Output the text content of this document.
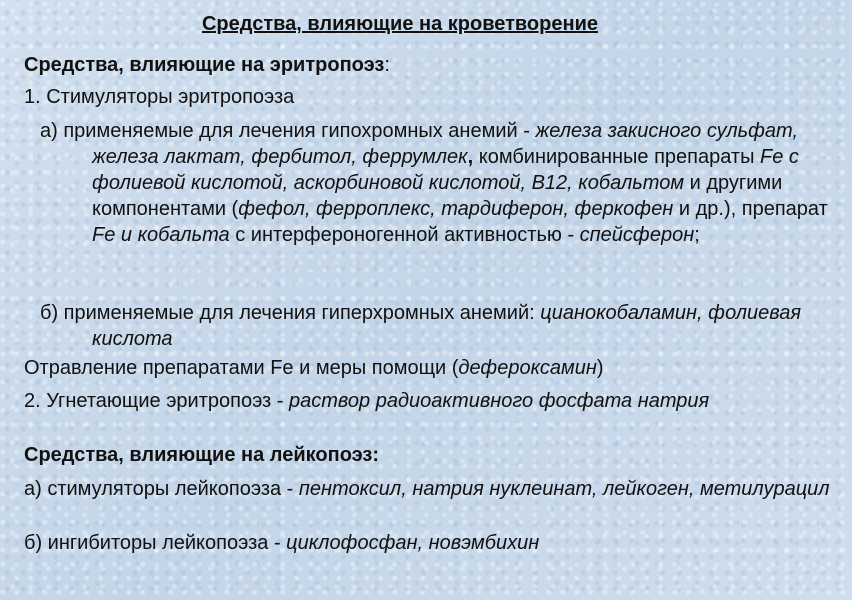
Средства, влияющие на кроветворение
Средства, влияющие на эритропоэз:
1. Стимуляторы эритропоэза
а) применяемые для лечения гипохромных анемий - железа закисного сульфат, железа лактат, фербитол, феррумлек, комбинированные препараты Fe с фолиевой кислотой, аскорбиновой кислотой, B12, кобальтом и другими компонентами (фефол, ферроплекс, тардиферон, феркофен и др.), препарат Fe и кобальта с интерфероногенной активностью - спейсферон;
б) применяемые для лечения гиперхромных анемий: цианокобаламин, фолиевая кислота
Отравление препаратами Fe и меры помощи (дефероксамин)
2. Угнетающие эритропоэз - раствор радиоактивного фосфата натрия
Средства, влияющие на лейкопоэз:
а) стимуляторы лейкопоэза - пентоксил, натрия нуклеинат, лейкоген, метилурацил
б) ингибиторы лейкопоэза - циклофосфан, новэмбихин
